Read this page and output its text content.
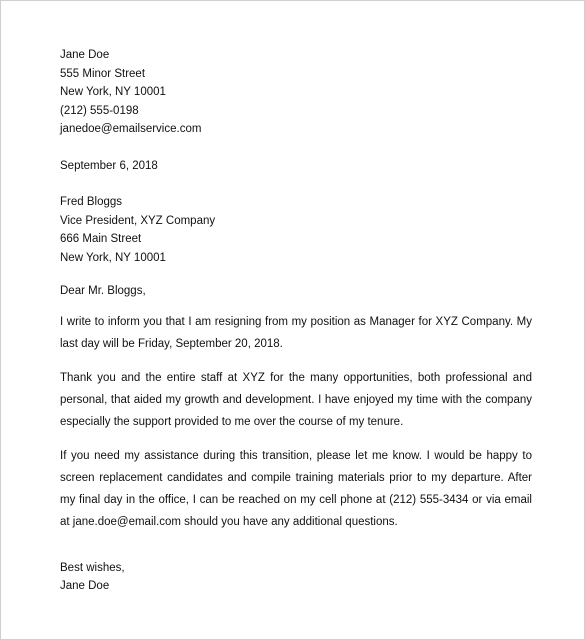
Jane Doe
555 Minor Street
New York, NY 10001
(212) 555-0198
janedoe@emailservice.com
September 6, 2018
Fred Bloggs
Vice President, XYZ Company
666 Main Street
New York, NY 10001
Dear Mr. Bloggs,

I write to inform you that I am resigning from my position as Manager for XYZ Company. My last day will be Friday, September 20, 2018.

Thank you and the entire staff at XYZ for the many opportunities, both professional and personal, that aided my growth and development. I have enjoyed my time with the company especially the support provided to me over the course of my tenure.

If you need my assistance during this transition, please let me know. I would be happy to screen replacement candidates and compile training materials prior to my departure. After my final day in the office, I can be reached on my cell phone at (212) 555-3434 or via email at jane.doe@email.com should you have any additional questions.

Best wishes,
Jane Doe
